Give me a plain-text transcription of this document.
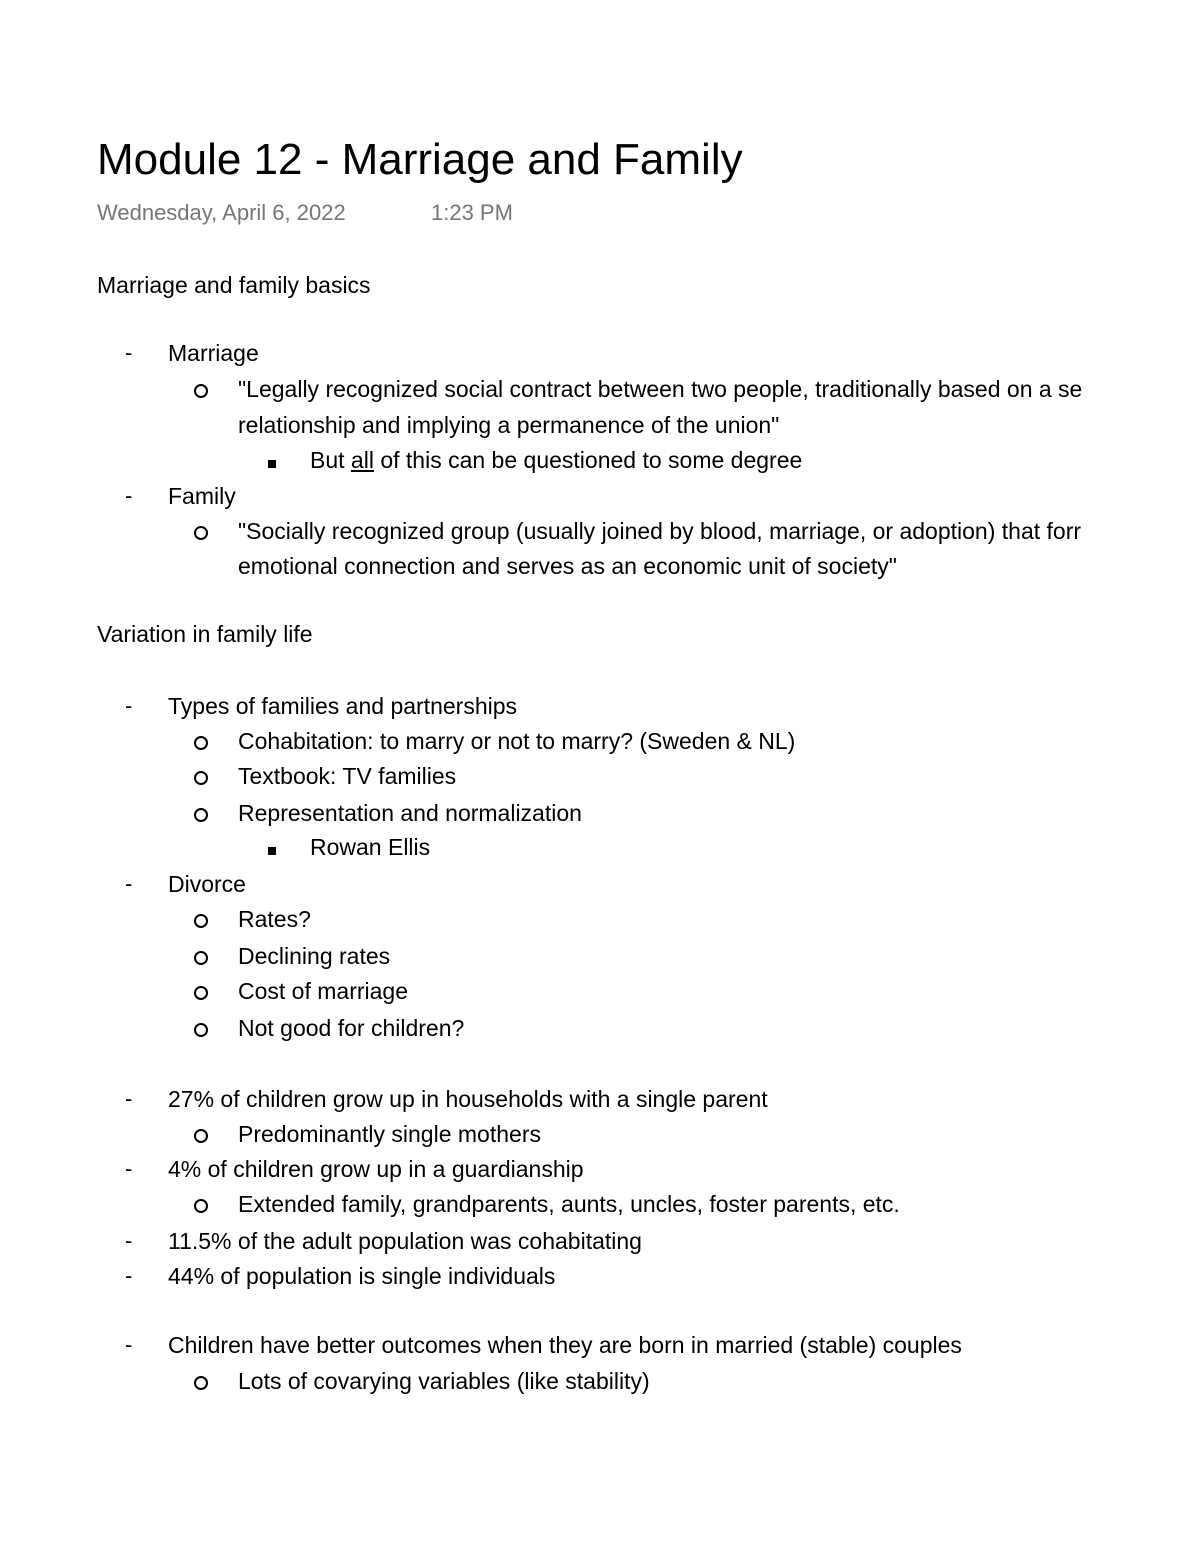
Module 12 - Marriage and Family
Wednesday, April 6, 2022	1:23 PM
Marriage and family basics
- Marriage
"Legally recognized social contract between two people, traditionally based on a se
relationship and implying a permanence of the union"
But all of this can be questioned to some degree
- Family
"Socially recognized group (usually joined by blood, marriage, or adoption) that forr
emotional connection and serves as an economic unit of society"
Variation in family life
- Types of families and partnerships
Cohabitation: to marry or not to marry? (Sweden & NL)
Textbook: TV families
Representation and normalization
Rowan Ellis
- Divorce
Rates?
Declining rates
Cost of marriage
Not good for children?
- 27% of children grow up in households with a single parent
Predominantly single mothers
- 4% of children grow up in a guardianship
Extended family, grandparents, aunts, uncles, foster parents, etc.
- 11.5% of the adult population was cohabitating
- 44% of population is single individuals
- Children have better outcomes when they are born in married (stable) couples
Lots of covarying variables (like stability)
